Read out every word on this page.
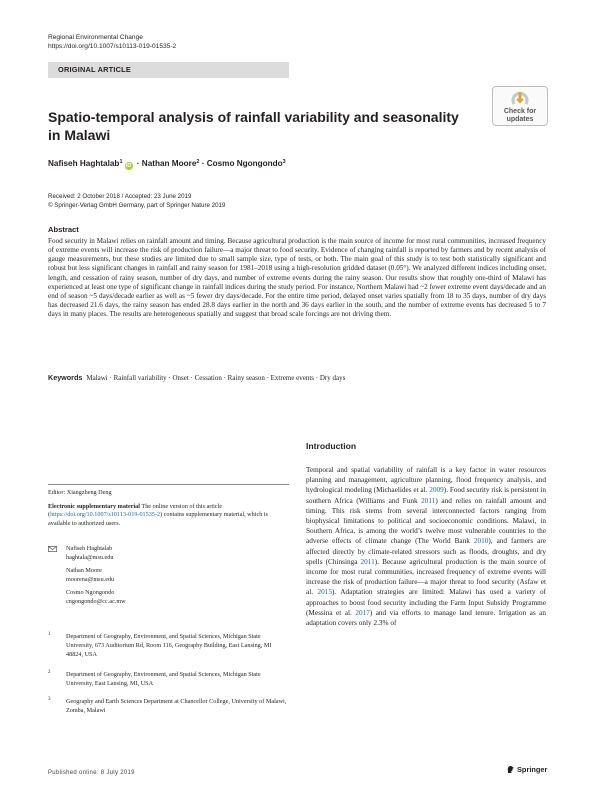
Regional Environmental Change
https://doi.org/10.1007/s10113-019-01535-2
ORIGINAL ARTICLE
Check for
updates
Spatio-temporal analysis of rainfall variability and seasonality in Malawi
Nafiseh Haghtalab$^1$iD · Nathan Moore$^2$ · Cosmo Ngongondo$^3$
Received: 2 October 2018 / Accepted: 23 June 2019
© Springer-Verlag GmbH Germany, part of Springer Nature 2019
Abstract
Food security in Malawi relies on rainfall amount and timing. Because agricultural production is the main source of income for most rural communities, increased frequency of extreme events will increase the risk of production failure—a major threat to food security. Evidence of changing rainfall is reported by farmers and by recent analysis of gauge measurements, but these studies are limited due to small sample size, type of tests, or both. The main goal of this study is to test both statistically significant and robust but less significant changes in rainfall and rainy season for 1981–2018 using a high-resolution gridded dataset (0.05°). We analyzed different indices including onset, length, and cessation of rainy season, number of dry days, and number of extreme events during the rainy season. Our results show that roughly one-third of Malawi has experienced at least one type of significant change in rainfall indices during the study period. For instance, Northern Malawi had ~2 fewer extreme event days/decade and an end of season ~5 days/decade earlier as well as ~5 fewer dry days/decade. For the entire time period, delayed onset varies spatially from 18 to 35 days, number of dry days has decreased 21.6 days, the rainy season has ended 28.8 days earlier in the north and 36 days earlier in the south, and the number of extreme events has decreased 5 to 7 days in many places. The results are heterogeneous spatially and suggest that broad scale forcings are not driving them.
Keywords Malawi · Rainfall variability · Onset · Cessation · Rainy season · Extreme events · Dry days
Introduction
Temporal and spatial variability of rainfall is a key factor in water resources planning and management, agriculture planning, flood frequency analysis, and hydrological modeling (Michaelides et al. 2009). Food security risk is persistent in southern Africa (Williams and Funk 2011) and relies on rainfall amount and timing. This risk stems from several interconnected factors ranging from biophysical limitations to political and socioeconomic conditions. Malawi, in Southern Africa, is among the world’s twelve most vulnerable countries to the adverse effects of climate change (The World Bank 2010), and farmers are affected directly by climate-related stressors such as floods, droughts, and dry spells (Chinsinga 2011). Because agricultural production is the main source of income for most rural communities, increased frequency of extreme events will increase the risk of production failure—a major threat to food security (Asfaw et al. 2015). Adaptation strategies are limited: Malawi has used a variety of approaches to boost food security including the Farm Input Subsidy Programme (Messina et al. 2017) and via efforts to manage land tenure. Irrigation as an adaptation covers only 2.3% of
Editor: Xiangzheng Deng
Electronic supplementary material The online version of this article (https://doi.org/10.1007/s10113-019-01535-2) contains supplementary material, which is available to authorized users.
Nafiseh Haghtalab
haghtala@msu.edu
Nathan Moore
moorena@msu.edu
Cosmo Ngongondo
cngongondo@cc.ac.mw
1	Department of Geography, Environment, and Spatial Sciences, Michigan State University, 673 Auditorium Rd, Room 116, Geography Building, East Lansing, MI 48824, USA
2	Department of Geography, Environment, and Spatial Sciences, Michigan State University, East Lansing, MI, USA
3	Geography and Earth Sciences Department at Chancellor College, University of Malawi, Zomba, Malawi
Published online: 8 July 2019	Springer
